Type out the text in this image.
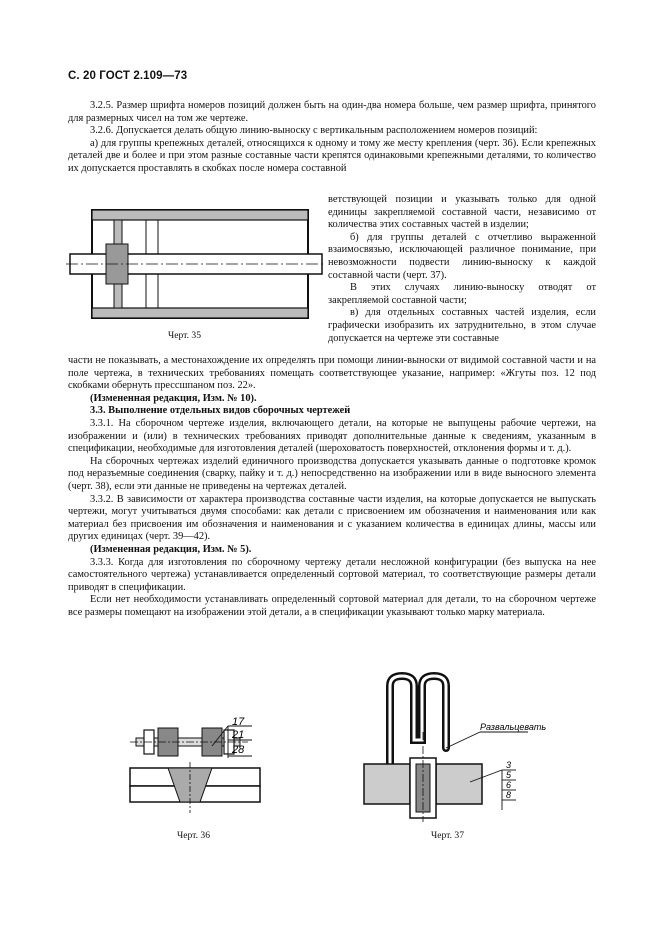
С. 20 ГОСТ 2.109—73

3.2.5. Размер шрифта номеров позиций должен быть на один-два номера больше, чем размер шрифта, принятого для размерных чисел на том же чертеже.

3.2.6. Допускается делать общую линию-выноску с вертикальным расположением номеров позиций:

а) для группы крепежных деталей, относящихся к одному и тому же месту крепления (черт. 36). Если крепежных деталей две и более и при этом разные составные части крепятся одинаковыми крепежными деталями, то количество их допускается проставлять в скобках после номера составной

Черт. 35

ветствующей позиции и указывать только для одной единицы закрепляемой составной части, независимо от количества этих составных частей в изделии;

б) для группы деталей с отчетливо выраженной взаимосвязью, исключающей различное понимание, при невозможности подвести линию-выноску к каждой составной части (черт. 37).

В этих случаях линию-выноску отводят от закрепляемой составной части;

в) для отдельных составных частей изделия, если графически изобразить их затруднительно, в этом случае допускается на чертеже эти составные

части не показывать, а местонахождение их определять при помощи линии-выноски от видимой составной части и на поле чертежа, в технических требованиях помещать соответствующее указание, например: «Жгуты поз. 12 под скобками обернуть прессшпаном поз. 22».

(Измененная редакция, Изм. № 10).

3.3. Выполнение отдельных видов сборочных чертежей

3.3.1. На сборочном чертеже изделия, включающего детали, на которые не выпущены рабочие чертежи, на изображении и (или) в технических требованиях приводят дополнительные данные к сведениям, указанным в спецификации, необходимые для изготовления деталей (шероховатость поверхностей, отклонения формы и т. д.).

На сборочных чертежах изделий единичного производства допускается указывать данные о подготовке кромок под неразъемные соединения (сварку, пайку и т. д.) непосредственно на изображении или в виде выносного элемента (черт. 38), если эти данные не приведены на чертежах деталей.

3.3.2. В зависимости от характера производства составные части изделия, на которые допускается не выпускать чертежи, могут учитываться двумя способами: как детали с присвоением им обозначения и наименования или как материал без присвоения им обозначения и наименования и с указанием количества в единицах длины, массы или других единицах (черт. 39—42).

(Измененная редакция, Изм. № 5).

3.3.3. Когда для изготовления по сборочному чертежу детали несложной конфигурации (без выпуска на нее самостоятельного чертежа) устанавливается определенный сортовой материал, то соответствующие размеры детали приводят в спецификации.

Если нет необходимости устанавливать определенный сортовой материал для детали, то на сборочном чертеже все размеры помещают на изображении этой детали, а в спецификации указывают только марку материала.

17
21
28
Черт. 36
Развальцевать
3
5
6
8
Черт. 37
